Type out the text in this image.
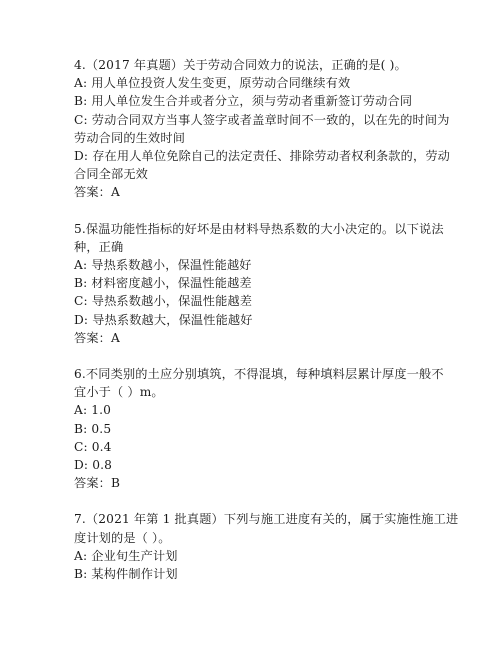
4.（2017 年真题）关于劳动合同效力的说法，正确的是( )。
A: 用人单位投资人发生变更，原劳动合同继续有效
B: 用人单位发生合并或者分立，须与劳动者重新签订劳动合同
C: 劳动合同双方当事人签字或者盖章时间不一致的，以在先的时间为
劳动合同的生效时间
D: 存在用人单位免除自己的法定责任、排除劳动者权利条款的，劳动
合同全部无效
答案：A
5.保温功能性指标的好坏是由材料导热系数的大小决定的。以下说法
种，正确
A: 导热系数越小，保温性能越好
B: 材料密度越小，保温性能越差
C: 导热系数越小，保温性能越差
D: 导热系数越大，保温性能越好
答案：A
6.不同类别的土应分别填筑，不得混填，每种填料层累计厚度一般不
宜小于（ ）m。
A: 1.0
B: 0.5
C: 0.4
D: 0.8
答案：B
7.（2021 年第 1 批真题）下列与施工进度有关的，属于实施性施工进
度计划的是（ ）。
A: 企业旬生产计划
B: 某构件制作计划
